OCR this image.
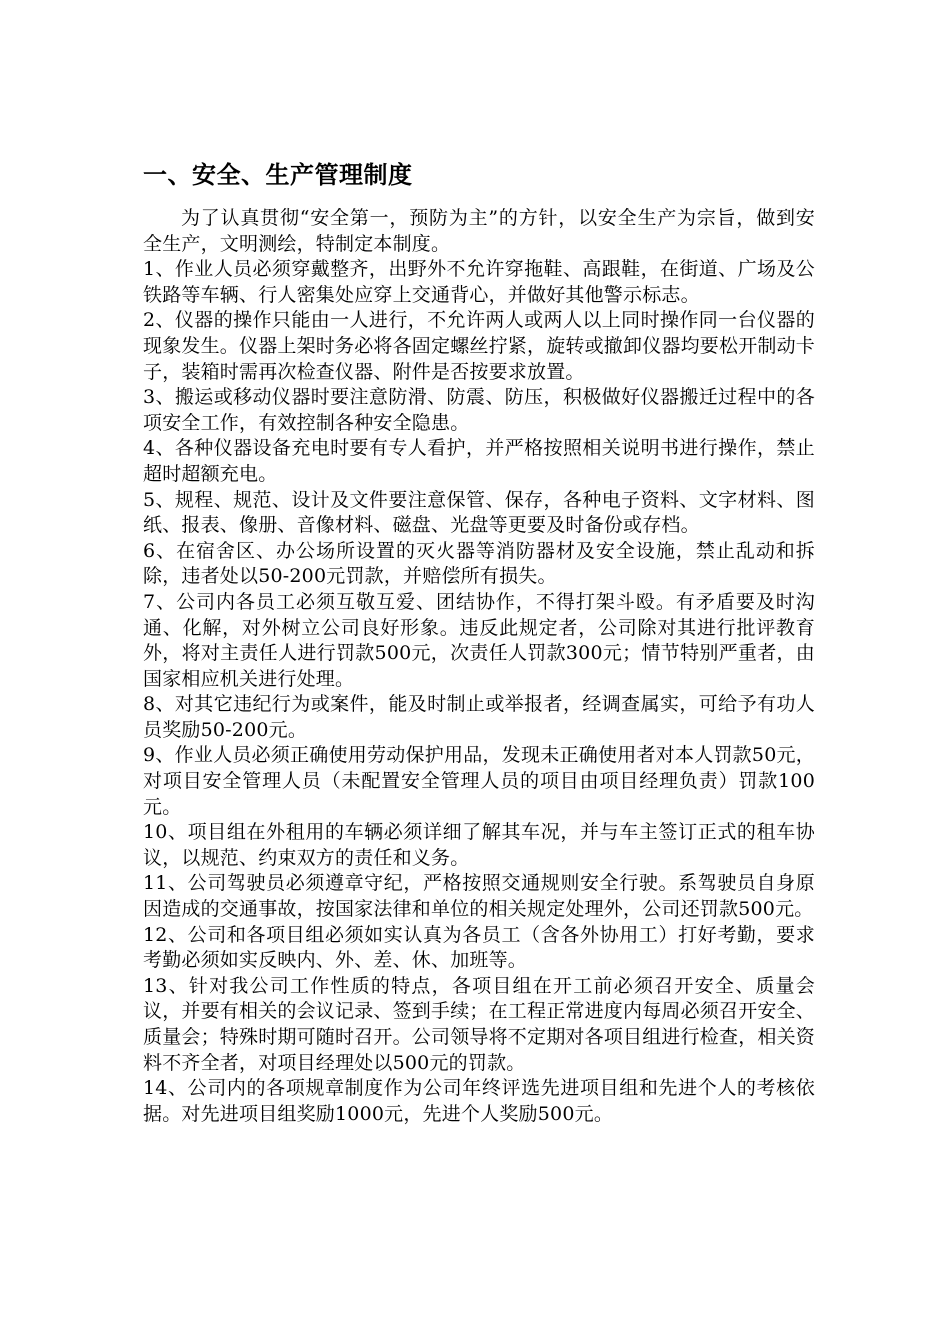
一、安全、生产管理制度

为了认真贯彻“安全第一，预防为主”的方针，以安全生产为宗旨，做到安全生产，文明测绘，特制定本制度。

1、作业人员必须穿戴整齐，出野外不允许穿拖鞋、高跟鞋，在街道、广场及公铁路等车辆、行人密集处应穿上交通背心，并做好其他警示标志。

2、仪器的操作只能由一人进行，不允许两人或两人以上同时操作同一台仪器的现象发生。仪器上架时务必将各固定螺丝拧紧，旋转或撤卸仪器均要松开制动卡子，装箱时需再次检查仪器、附件是否按要求放置。

3、搬运或移动仪器时要注意防滑、防震、防压，积极做好仪器搬迁过程中的各项安全工作，有效控制各种安全隐患。

4、各种仪器设备充电时要有专人看护，并严格按照相关说明书进行操作，禁止超时超额充电。

5、规程、规范、设计及文件要注意保管、保存，各种电子资料、文字材料、图纸、报表、像册、音像材料、磁盘、光盘等更要及时备份或存档。

6、在宿舍区、办公场所设置的灭火器等消防器材及安全设施，禁止乱动和拆除，违者处以50-200元罚款，并赔偿所有损失。

7、公司内各员工必须互敬互爱、团结协作，不得打架斗殴。有矛盾要及时沟通、化解，对外树立公司良好形象。违反此规定者，公司除对其进行批评教育外，将对主责任人进行罚款500元，次责任人罚款300元；情节特别严重者，由国家相应机关进行处理。

8、对其它违纪行为或案件，能及时制止或举报者，经调查属实，可给予有功人员奖励50-200元。

9、作业人员必须正确使用劳动保护用品，发现未正确使用者对本人罚款50元，对项目安全管理人员（未配置安全管理人员的项目由项目经理负责）罚款100元。

10、项目组在外租用的车辆必须详细了解其车况，并与车主签订正式的租车协议，以规范、约束双方的责任和义务。

11、公司驾驶员必须遵章守纪，严格按照交通规则安全行驶。系驾驶员自身原因造成的交通事故，按国家法律和单位的相关规定处理外，公司还罚款500元。

12、公司和各项目组必须如实认真为各员工（含各外协用工）打好考勤，要求考勤必须如实反映内、外、差、休、加班等。

13、针对我公司工作性质的特点，各项目组在开工前必须召开安全、质量会议，并要有相关的会议记录、签到手续；在工程正常进度内每周必须召开安全、质量会；特殊时期可随时召开。公司领导将不定期对各项目组进行检查，相关资料不齐全者，对项目经理处以500元的罚款。

14、公司内的各项规章制度作为公司年终评选先进项目组和先进个人的考核依据。对先进项目组奖励1000元，先进个人奖励500元。
